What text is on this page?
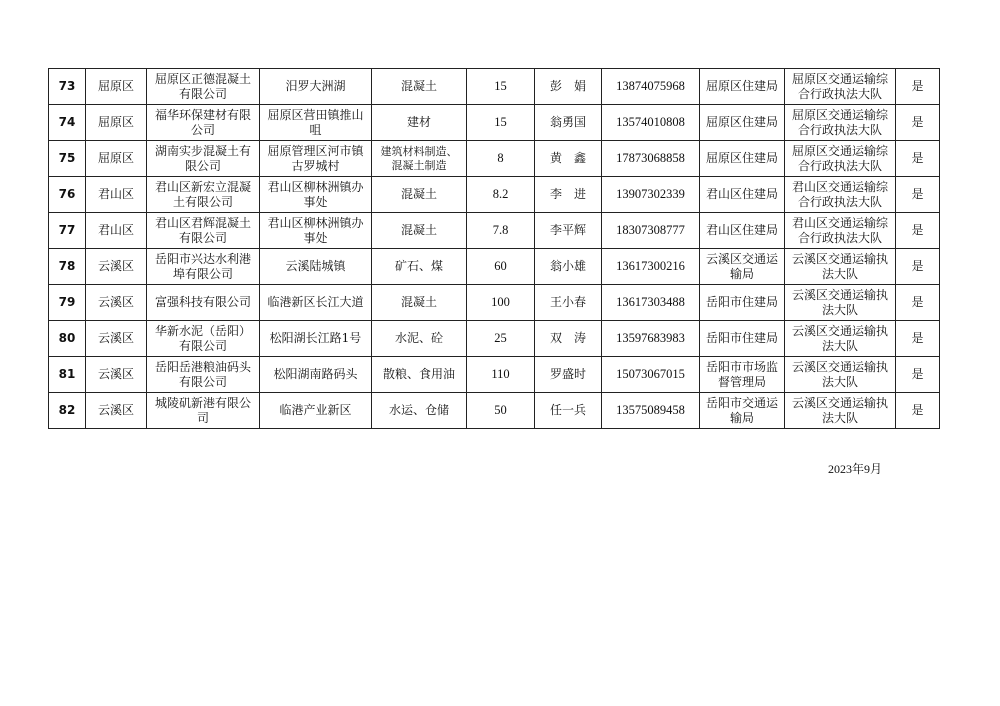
73	屈原区	屈原区正德混凝土有限公司	汨罗大洲湖	混凝土	15	彭　娟	13874075968	屈原区住建局	屈原区交通运输综合行政执法大队	是
74	屈原区	福华环保建材有限公司	屈原区营田镇推山咀	建材	15	翁勇国	13574010808	屈原区住建局	屈原区交通运输综合行政执法大队	是
75	屈原区	湖南实步混凝土有限公司	屈原管理区河市镇古罗城村	建筑材料制造、混凝土制造	8	黄　鑫	17873068858	屈原区住建局	屈原区交通运输综合行政执法大队	是
76	君山区	君山区新宏立混凝土有限公司	君山区柳林洲镇办事处	混凝土	8.2	李　进	13907302339	君山区住建局	君山区交通运输综合行政执法大队	是
77	君山区	君山区君辉混凝土有限公司	君山区柳林洲镇办事处	混凝土	7.8	李平辉	18307308777	君山区住建局	君山区交通运输综合行政执法大队	是
78	云溪区	岳阳市兴达水利港埠有限公司	云溪陆城镇	矿石、煤	60	翁小雄	13617300216	云溪区交通运输局	云溪区交通运输执法大队	是
79	云溪区	富强科技有限公司	临港新区长江大道	混凝土	100	王小春	13617303488	岳阳市住建局	云溪区交通运输执法大队	是
80	云溪区	华新水泥（岳阳）有限公司	松阳湖长江路1号	水泥、砼	25	双　涛	13597683983	岳阳市住建局	云溪区交通运输执法大队	是
81	云溪区	岳阳岳港粮油码头有限公司	松阳湖南路码头	散粮、食用油	110	罗盛时	15073067015	岳阳市市场监督管理局	云溪区交通运输执法大队	是
82	云溪区	城陵矶新港有限公司	临港产业新区	水运、仓储	50	任一兵	13575089458	岳阳市交通运输局	云溪区交通运输执法大队	是
2023年9月
